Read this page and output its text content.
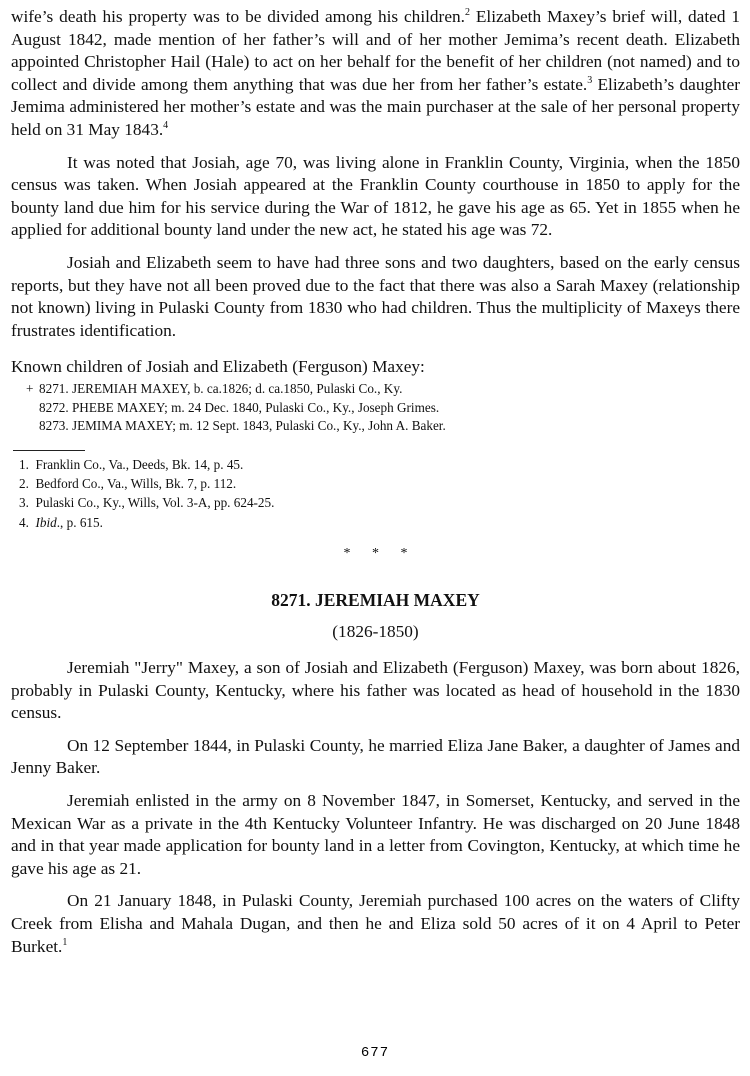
wife’s death his property was to be divided among his children.$^2$ Elizabeth Maxey’s brief will, dated 1 August 1842, made mention of her father’s will and of her mother Jemima’s recent death. Elizabeth appointed Christopher Hail (Hale) to act on her behalf for the benefit of her children (not named) and to collect and divide among them anything that was due her from her father’s estate.$^3$ Elizabeth’s daughter Jemima administered her mother’s estate and was the main purchaser at the sale of her personal property held on 31 May 1843.$^4$

It was noted that Josiah, age 70, was living alone in Franklin County, Virginia, when the 1850 census was taken. When Josiah appeared at the Franklin County courthouse in 1850 to apply for the bounty land due him for his service during the War of 1812, he gave his age as 65. Yet in 1855 when he applied for additional bounty land under the new act, he stated his age was 72.

Josiah and Elizabeth seem to have had three sons and two daughters, based on the early census reports, but they have not all been proved due to the fact that there was also a Sarah Maxey (relationship not known) living in Pulaski County from 1830 who had children. Thus the multiplicity of Maxeys there frustrates identification.

Known children of Josiah and Elizabeth (Ferguson) Maxey:
+ 8271. JEREMIAH MAXEY, b. ca.1826; d. ca.1850, Pulaski Co., Ky.
8272. PHEBE MAXEY; m. 24 Dec. 1840, Pulaski Co., Ky., Joseph Grimes.
8273. JEMIMA MAXEY; m. 12 Sept. 1843, Pulaski Co., Ky., John A. Baker.

1. Franklin Co., Va., Deeds, Bk. 14, p. 45.

2. Bedford Co., Va., Wills, Bk. 7, p. 112.

3. Pulaski Co., Ky., Wills, Vol. 3-A, pp. 624-25.

4. Ibid., p. 615.

* * *
8271. JEREMIAH MAXEY
(1826-1850)

Jeremiah "Jerry" Maxey, a son of Josiah and Elizabeth (Ferguson) Maxey, was born about 1826, probably in Pulaski County, Kentucky, where his father was located as head of household in the 1830 census.

On 12 September 1844, in Pulaski County, he married Eliza Jane Baker, a daughter of James and Jenny Baker.

Jeremiah enlisted in the army on 8 November 1847, in Somerset, Kentucky, and served in the Mexican War as a private in the 4th Kentucky Volunteer Infantry. He was discharged on 20 June 1848 and in that year made application for bounty land in a letter from Covington, Kentucky, at which time he gave his age as 21.

On 21 January 1848, in Pulaski County, Jeremiah purchased 100 acres on the waters of Clifty Creek from Elisha and Mahala Dugan, and then he and Eliza sold 50 acres of it on 4 April to Peter Burket.$^1$

677
